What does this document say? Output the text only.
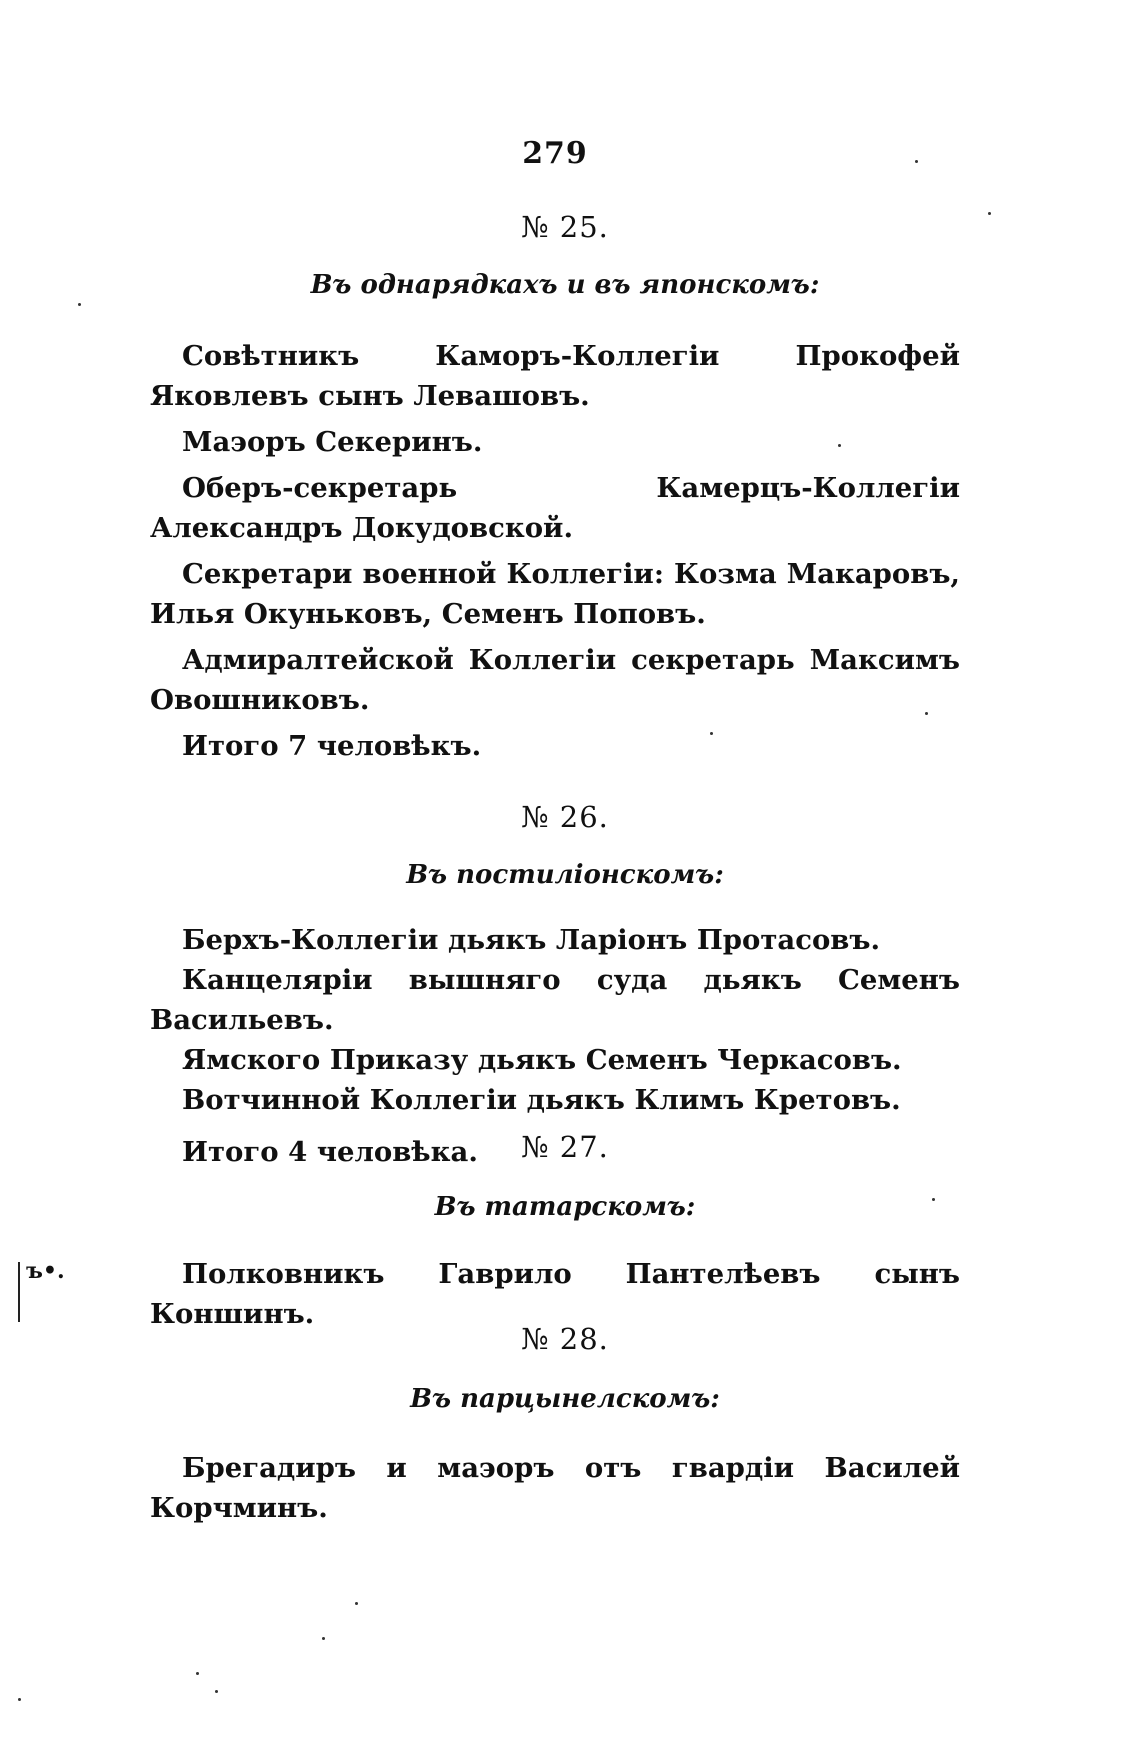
279

№ 25.

Въ однарядкахъ и въ японскомъ:

Совѣтникъ Каморъ-Коллегіи Прокофей Яковлевъ сынъ Левашовъ.

Маэоръ Секеринъ.

Оберъ-секретарь Камерцъ-Коллегіи Александръ Докудовской.

Секретари военной Коллегіи: Козма Макаровъ, Илья Окуньковъ, Семенъ Поповъ.

Адмиралтейской Коллегіи секретарь Максимъ Овошниковъ.

Итого 7 человѣкъ.

№ 26.

Въ постиліонскомъ:

Берхъ-Коллегіи дьякъ Ларіонъ Протасовъ.

Канцеляріи вышняго суда дьякъ Семенъ Васильевъ.

Ямского Приказу дьякъ Семенъ Черкасовъ.

Вотчинной Коллегіи дьякъ Климъ Кретовъ.

Итого 4 человѣка.	№ 27.

Въ татарскомъ:

Полковникъ Гаврило Пантелѣевъ сынъ Коншинъ.

№ 28.

Въ парцынелскомъ:

Брегадиръ и маэоръ отъ гвардіи Василей Корчминъ.

ъ•.
